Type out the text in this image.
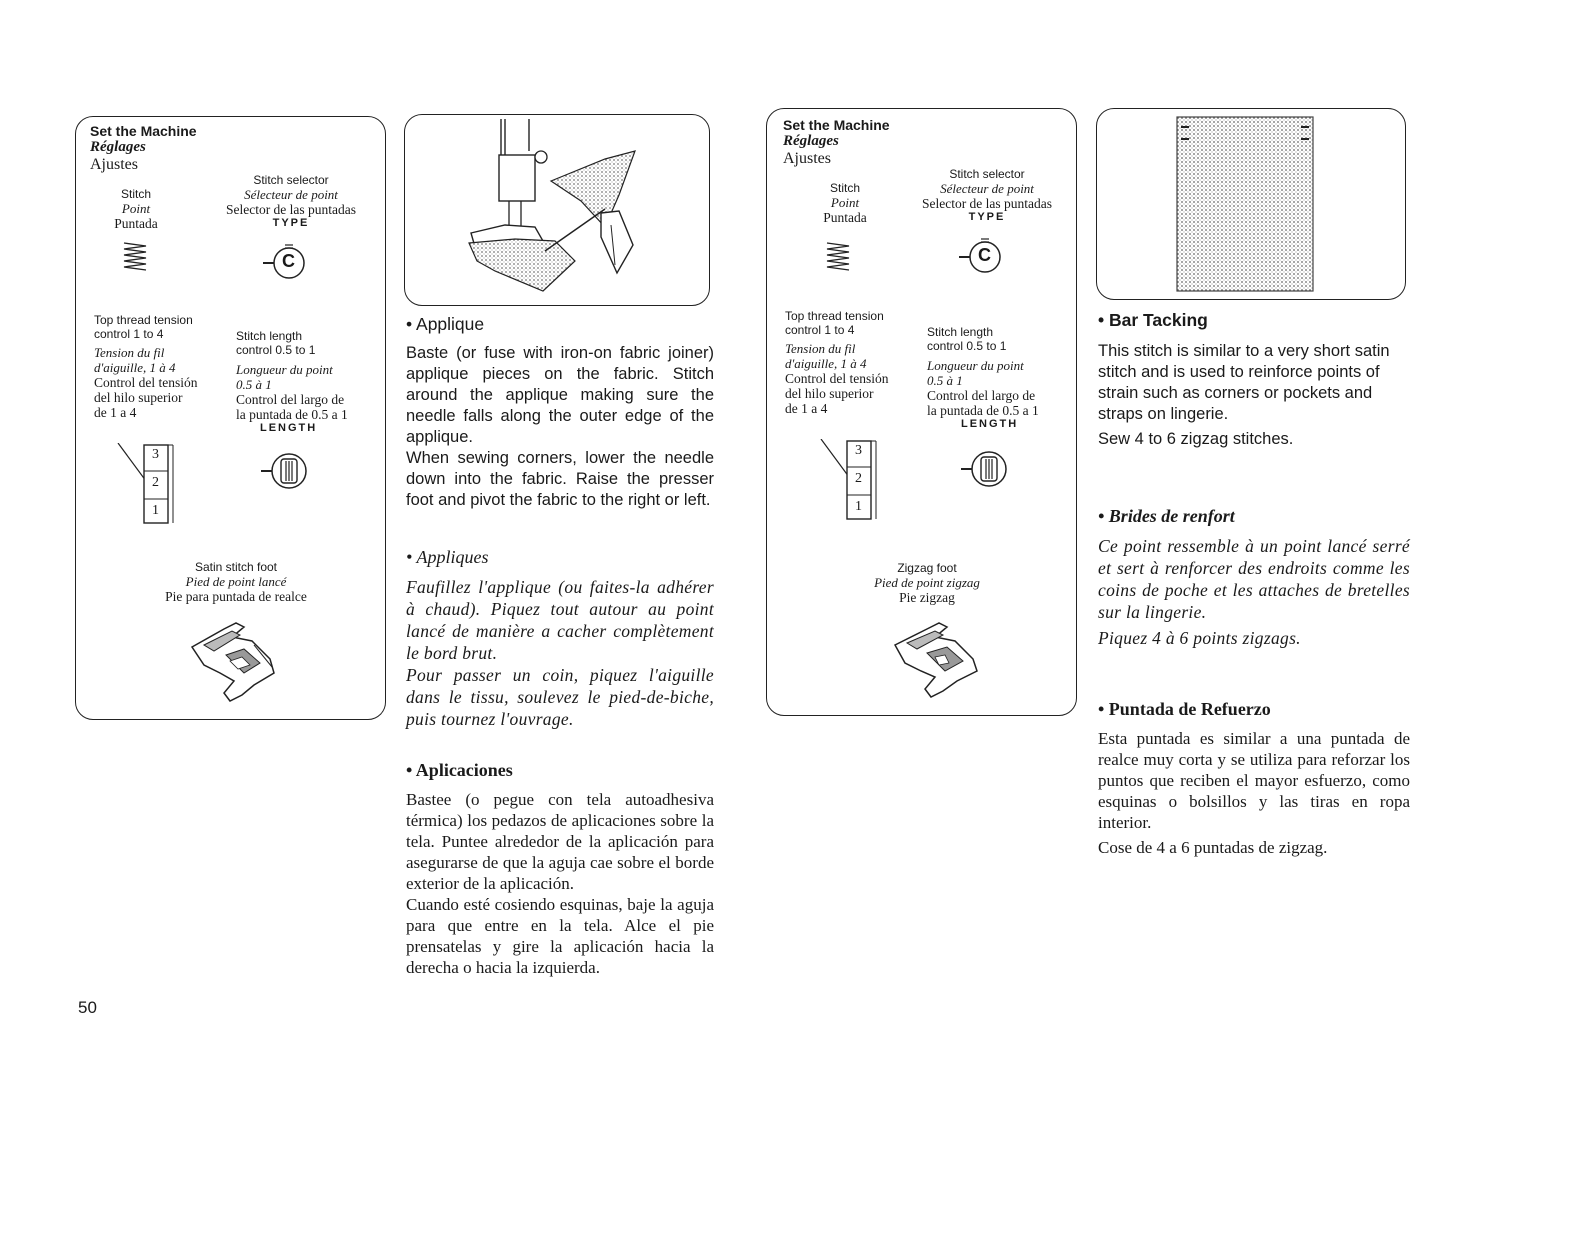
Set the Machine
Réglages
Ajustes
Stitch
Point
Puntada
Stitch selector
Sélecteur de point
Selector de las puntadas
TYPE
C
Top thread tension
control 1 to 4
Tension du fil
d'aiguille, 1 à 4
Control del tensión
del hilo superior
de 1 a 4
3
2
1
Stitch length
control 0.5 to 1
Longueur du point
0.5 à 1
Control del largo de
la puntada de 0.5 a 1
LENGTH
Satin stitch foot
Pied de point lancé
Pie para puntada de realce
• Applique
Baste (or fuse with iron-on fabric joiner) applique pieces on the fabric. Stitch around the applique making sure the needle falls along the outer edge of the applique.
When sewing corners, lower the needle down into the fabric. Raise the presser foot and pivot the fabric to the right or left.
• Appliques
Faufillez l'applique (ou faites-la adhérer à chaud). Piquez tout autour au point lancé de manière a cacher complètement le bord brut.
Pour passer un coin, piquez l'aiguille dans le tissu, soulevez le pied-de-biche, puis tournez l'ouvrage.
• Aplicaciones
Bastee (o pegue con tela autoadhesiva térmica) los pedazos de aplicaciones sobre la tela. Puntee alrededor de la aplicación para asegurarse de que la aguja cae sobre el borde exterior de la aplicación.
Cuando esté cosiendo esquinas, baje la aguja para que entre en la tela. Alce el pie prensatelas y gire la aplicación hacia la derecha o hacia la izquierda.
Set the Machine
Réglages
Ajustes
Stitch
Point
Puntada
Stitch selector
Sélecteur de point
Selector de las puntadas
TYPE
C
Top thread tension
control 1 to 4
Tension du fil
d'aiguille, 1 à 4
Control del tensión
del hilo superior
de 1 a 4
3
2
1
Stitch length
control 0.5 to 1
Longueur du point
0.5 à 1
Control del largo de
la puntada de 0.5 a 1
LENGTH
Zigzag foot
Pied de point zigzag
Pie zigzag
• Bar Tacking
This stitch is similar to a very short satin stitch and is used to reinforce points of strain such as corners or pockets and straps on lingerie.
Sew 4 to 6 zigzag stitches.
• Brides de renfort
Ce point ressemble à un point lancé serré et sert à renforcer des endroits comme les coins de poche et les attaches de bretelles sur la lingerie.
Piquez 4 à 6 points zigzags.
• Puntada de Refuerzo
Esta puntada es similar a una puntada de realce muy corta y se utiliza para reforzar los puntos que reciben el mayor esfuerzo, como esquinas o bolsillos y las tiras en ropa interior.
Cose de 4 a 6 puntadas de zigzag.
50
